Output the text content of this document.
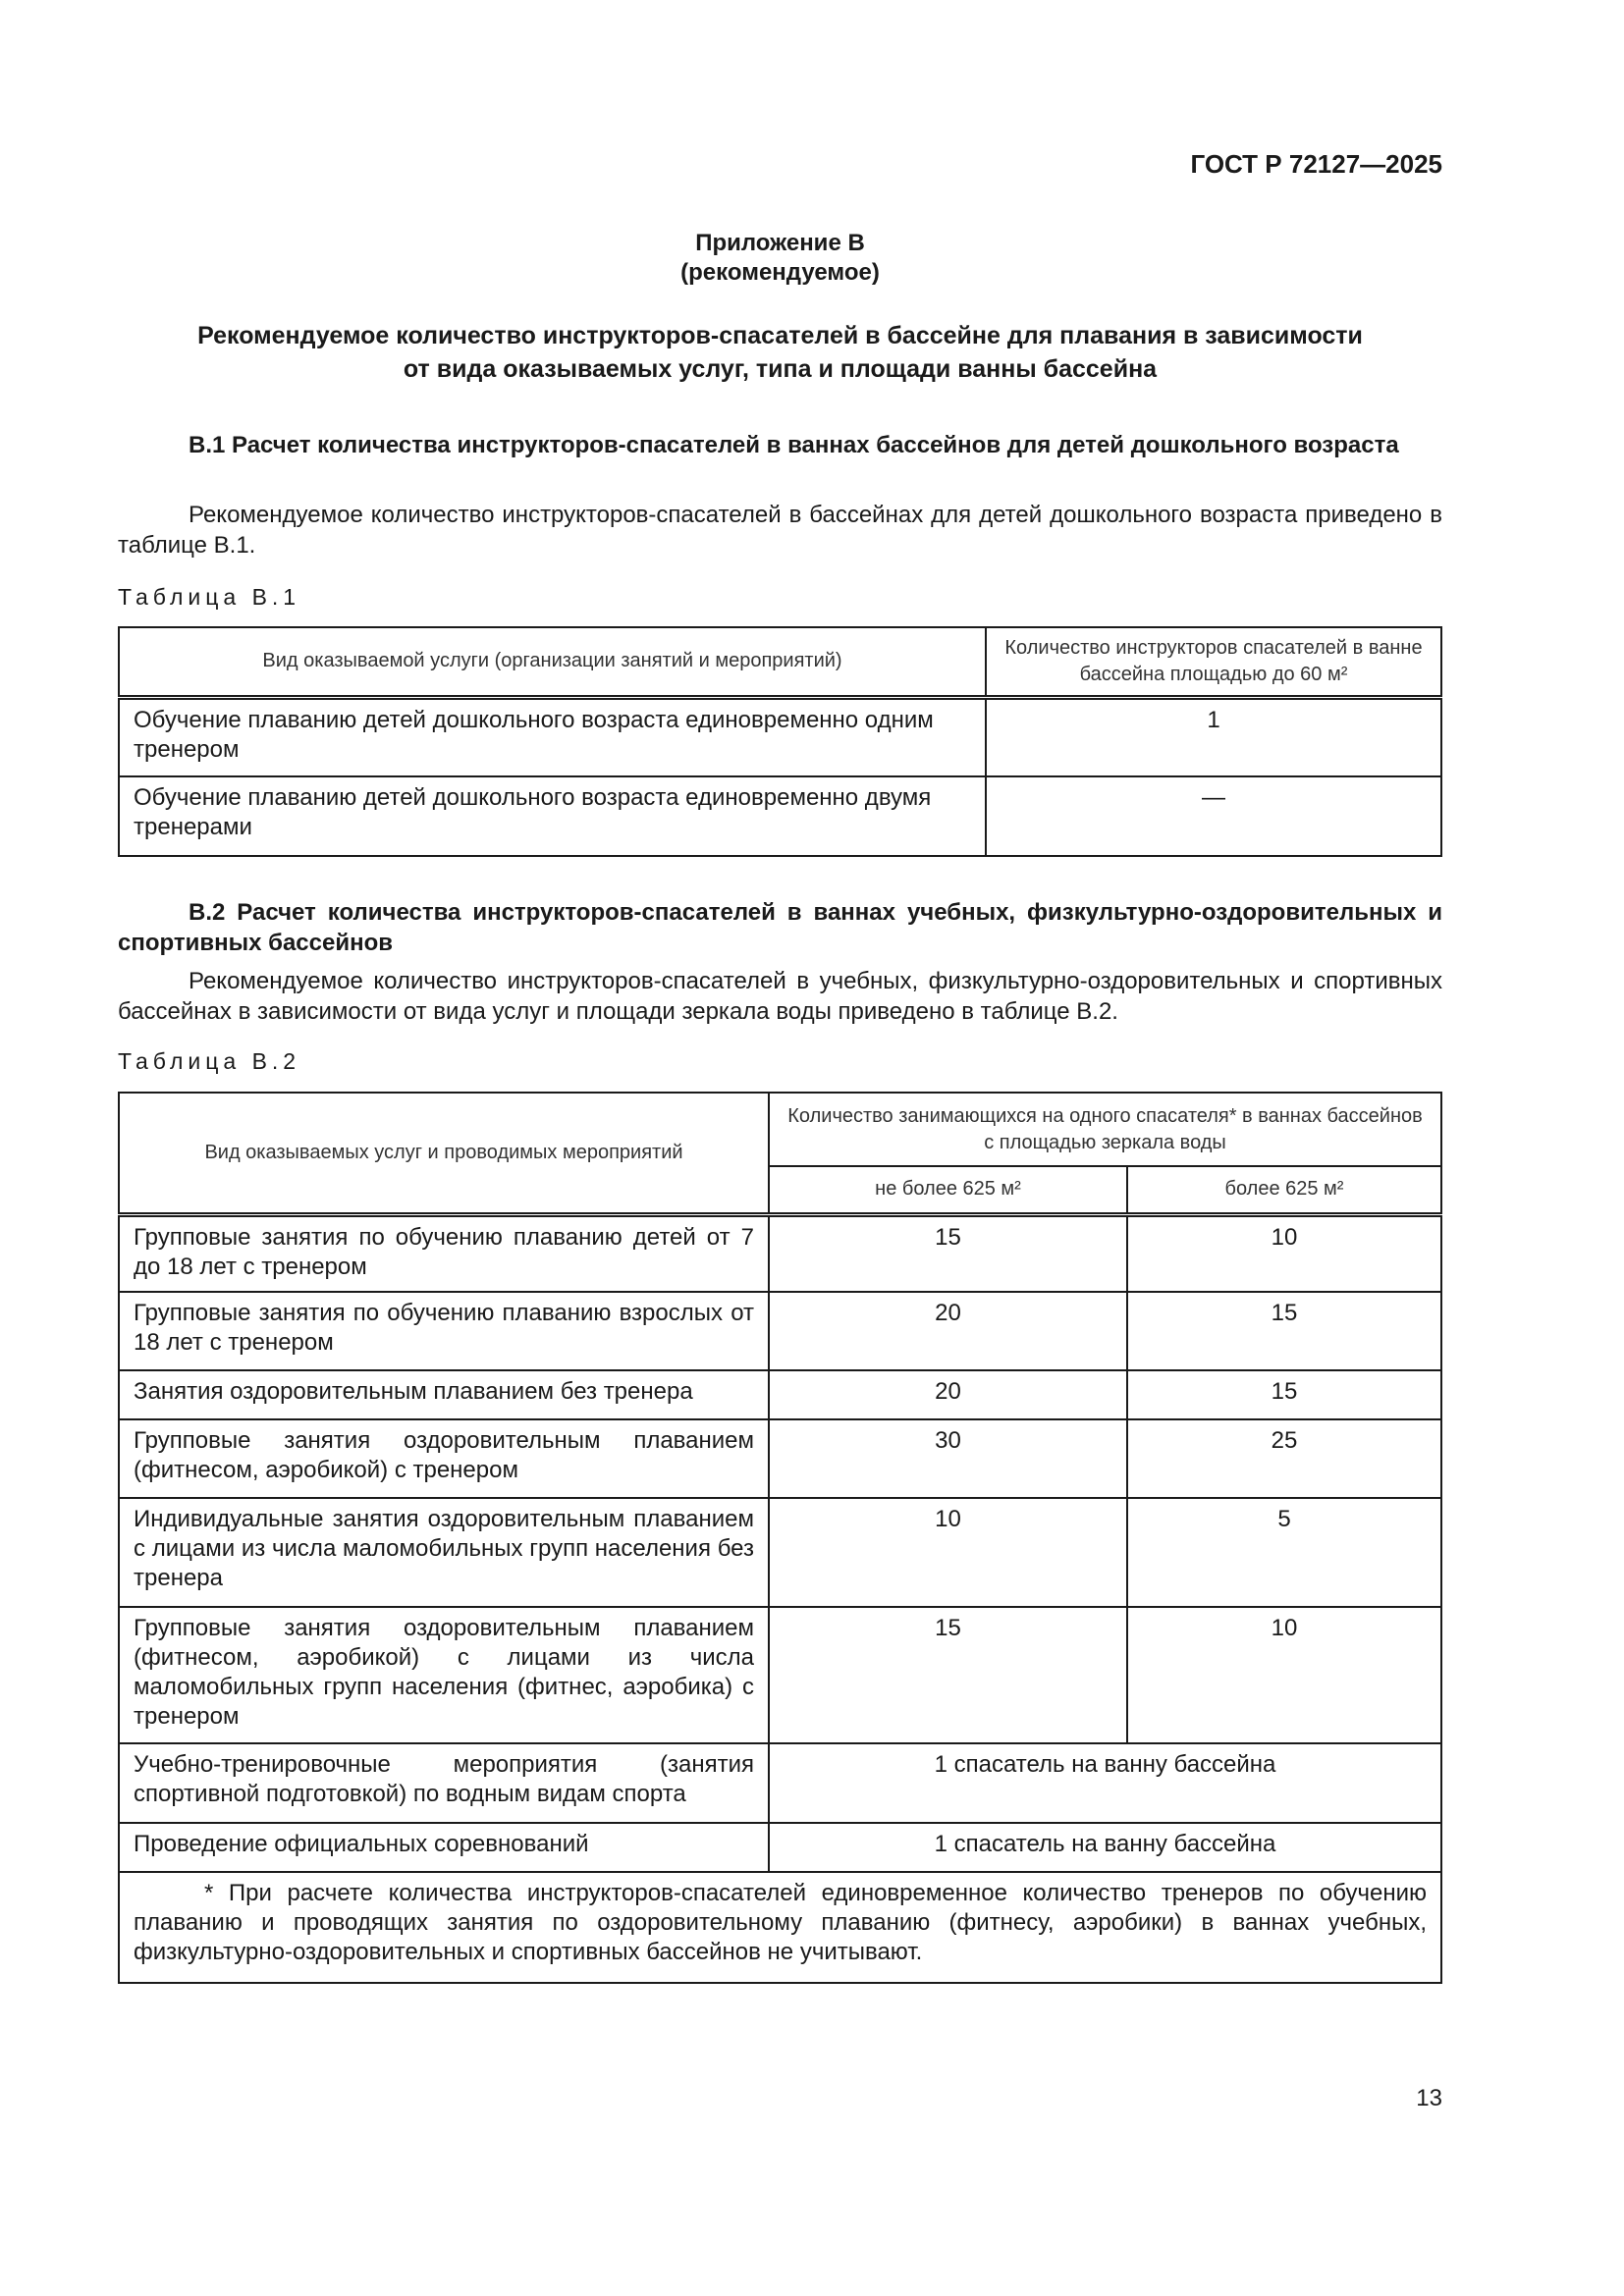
ГОСТ Р 72127—2025
Приложение В
(рекомендуемое)
Рекомендуемое количество инструкторов-спасателей в бассейне для плавания в зависимости
от вида оказываемых услуг, типа и площади ванны бассейна
В.1 Расчет количества инструкторов-спасателей в ваннах бассейнов для детей дошкольного возраста
Рекомендуемое количество инструкторов-спасателей в бассейнах для детей дошкольного возраста приведено в таблице В.1.
Таблица В.1
Вид оказываемой услуги (организации занятий и мероприятий)	Количество инструкторов спасателей в ванне бассейна площадью до 60 м²
Обучение плаванию детей дошкольного возраста единовременно одним тренером	1
Обучение плаванию детей дошкольного возраста единовременно двумя тренерами	—
В.2 Расчет количества инструкторов-спасателей в ваннах учебных, физкультурно-оздоровительных и спортивных бассейнов
Рекомендуемое количество инструкторов-спасателей в учебных, физкультурно-оздоровительных и спортивных бассейнах в зависимости от вида услуг и площади зеркала воды приведено в таблице В.2.
Таблица В.2
Вид оказываемых услуг и проводимых мероприятий	Количество занимающихся на одного спасателя* в ваннах бассейнов с площадью зеркала воды	
	не более 625 м²	более 625 м²
Групповые занятия по обучению плаванию детей от 7 до 18 лет с тренером	15	10
Групповые занятия по обучению плаванию взрослых от 18 лет с тренером	20	15
Занятия оздоровительным плаванием без тренера	20	15
Групповые занятия оздоровительным плаванием (фитнесом, аэробикой) с тренером	30	25
Индивидуальные занятия оздоровительным плаванием с лицами из числа маломобильных групп населения без тренера	10	5
Групповые занятия оздоровительным плаванием (фитнесом, аэробикой) с лицами из числа маломобильных групп населения (фитнес, аэробика) с тренером	15	10
Учебно-тренировочные мероприятия (занятия спортивной подготовкой) по водным видам спорта	1 спасатель на ванну бассейна	
Проведение официальных соревнований	1 спасатель на ванну бассейна	
* При расчете количества инструкторов-спасателей единовременное количество тренеров по обучению плаванию и проводящих занятия по оздоровительному плаванию (фитнесу, аэробики) в ваннах учебных, физкультурно-оздоровительных и спортивных бассейнов не учитывают.		
13
